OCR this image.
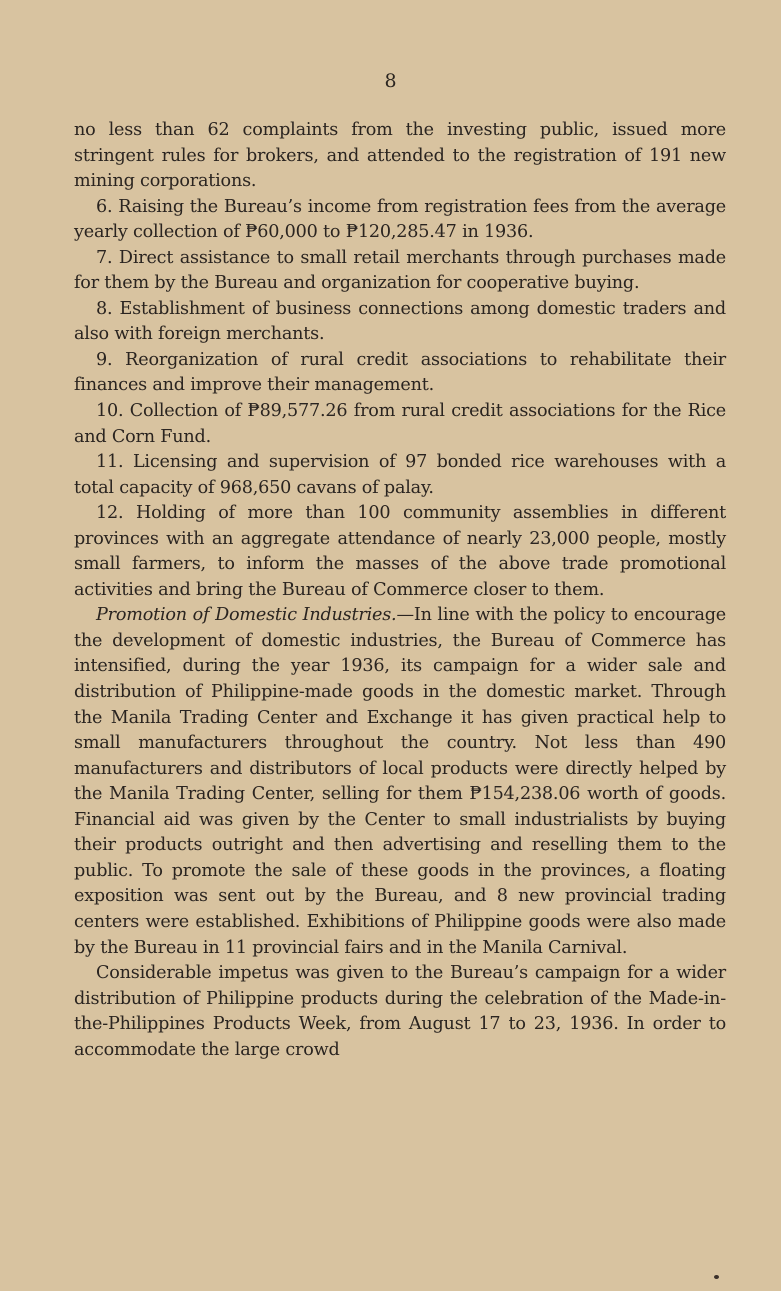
8

no less than 62 complaints from the investing public, issued more stringent rules for brokers, and attended to the registration of 191 new mining corporations.

6. Raising the Bureau’s income from registration fees from the average yearly collection of ₱60,000 to ₱120,285.47 in 1936.

7. Direct assistance to small retail merchants through purchases made for them by the Bureau and organization for cooperative buying.

8. Establishment of business connections among domestic traders and also with foreign merchants.

9. Reorganization of rural credit associations to rehabilitate their finances and improve their management.

10. Collection of ₱89,577.26 from rural credit associations for the Rice and Corn Fund.

11. Licensing and supervision of 97 bonded rice warehouses with a total capacity of 968,650 cavans of palay.

12. Holding of more than 100 community assemblies in different provinces with an aggregate attendance of nearly 23,000 people, mostly small farmers, to inform the masses of the above trade promotional activities and bring the Bureau of Commerce closer to them.

Promotion of Domestic Industries.—In line with the policy to encourage the development of domestic industries, the Bureau of Commerce has intensified, during the year 1936, its campaign for a wider sale and distribution of Philippine-made goods in the domestic market. Through the Manila Trading Center and Exchange it has given practical help to small manufacturers throughout the country. Not less than 490 manufacturers and distributors of local products were directly helped by the Manila Trading Center, selling for them ₱154,238.06 worth of goods. Financial aid was given by the Center to small industrialists by buying their products outright and then advertising and reselling them to the public. To promote the sale of these goods in the provinces, a floating exposition was sent out by the Bureau, and 8 new provincial trading centers were established. Exhibitions of Philippine goods were also made by the Bureau in 11 provincial fairs and in the Manila Carnival.

Considerable impetus was given to the Bureau’s campaign for a wider distribution of Philippine products during the celebration of the Made-in-the-Philippines Products Week, from August 17 to 23, 1936. In order to accommodate the large crowd
